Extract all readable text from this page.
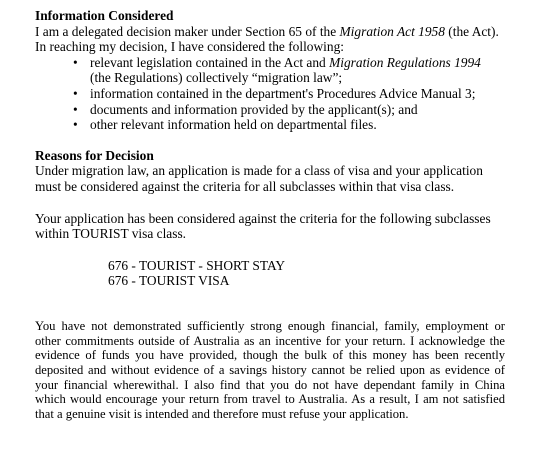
Information Considered

I am a delegated decision maker under Section 65 of the Migration Act 1958 (the Act). In reaching my decision, I have considered the following:

• relevant legislation contained in the Act and Migration Regulations 1994 (the Regulations) collectively “migration law”;
• information contained in the department's Procedures Advice Manual 3;
• documents and information provided by the applicant(s); and
• other relevant information held on departmental files.

Reasons for Decision

Under migration law, an application is made for a class of visa and your application must be considered against the criteria for all subclasses within that visa class.

Your application has been considered against the criteria for the following subclasses within TOURIST visa class.

676 - TOURIST - SHORT STAY
676 - TOURIST VISA

You have not demonstrated sufficiently strong enough financial, family, employment or other commitments outside of Australia as an incentive for your return. I acknowledge the evidence of funds you have provided, though the bulk of this money has been recently deposited and without evidence of a savings history cannot be relied upon as evidence of your financial wherewithal. I also find that you do not have dependant family in China which would encourage your return from travel to Australia. As a result, I am not satisfied that a genuine visit is intended and therefore must refuse your application.
